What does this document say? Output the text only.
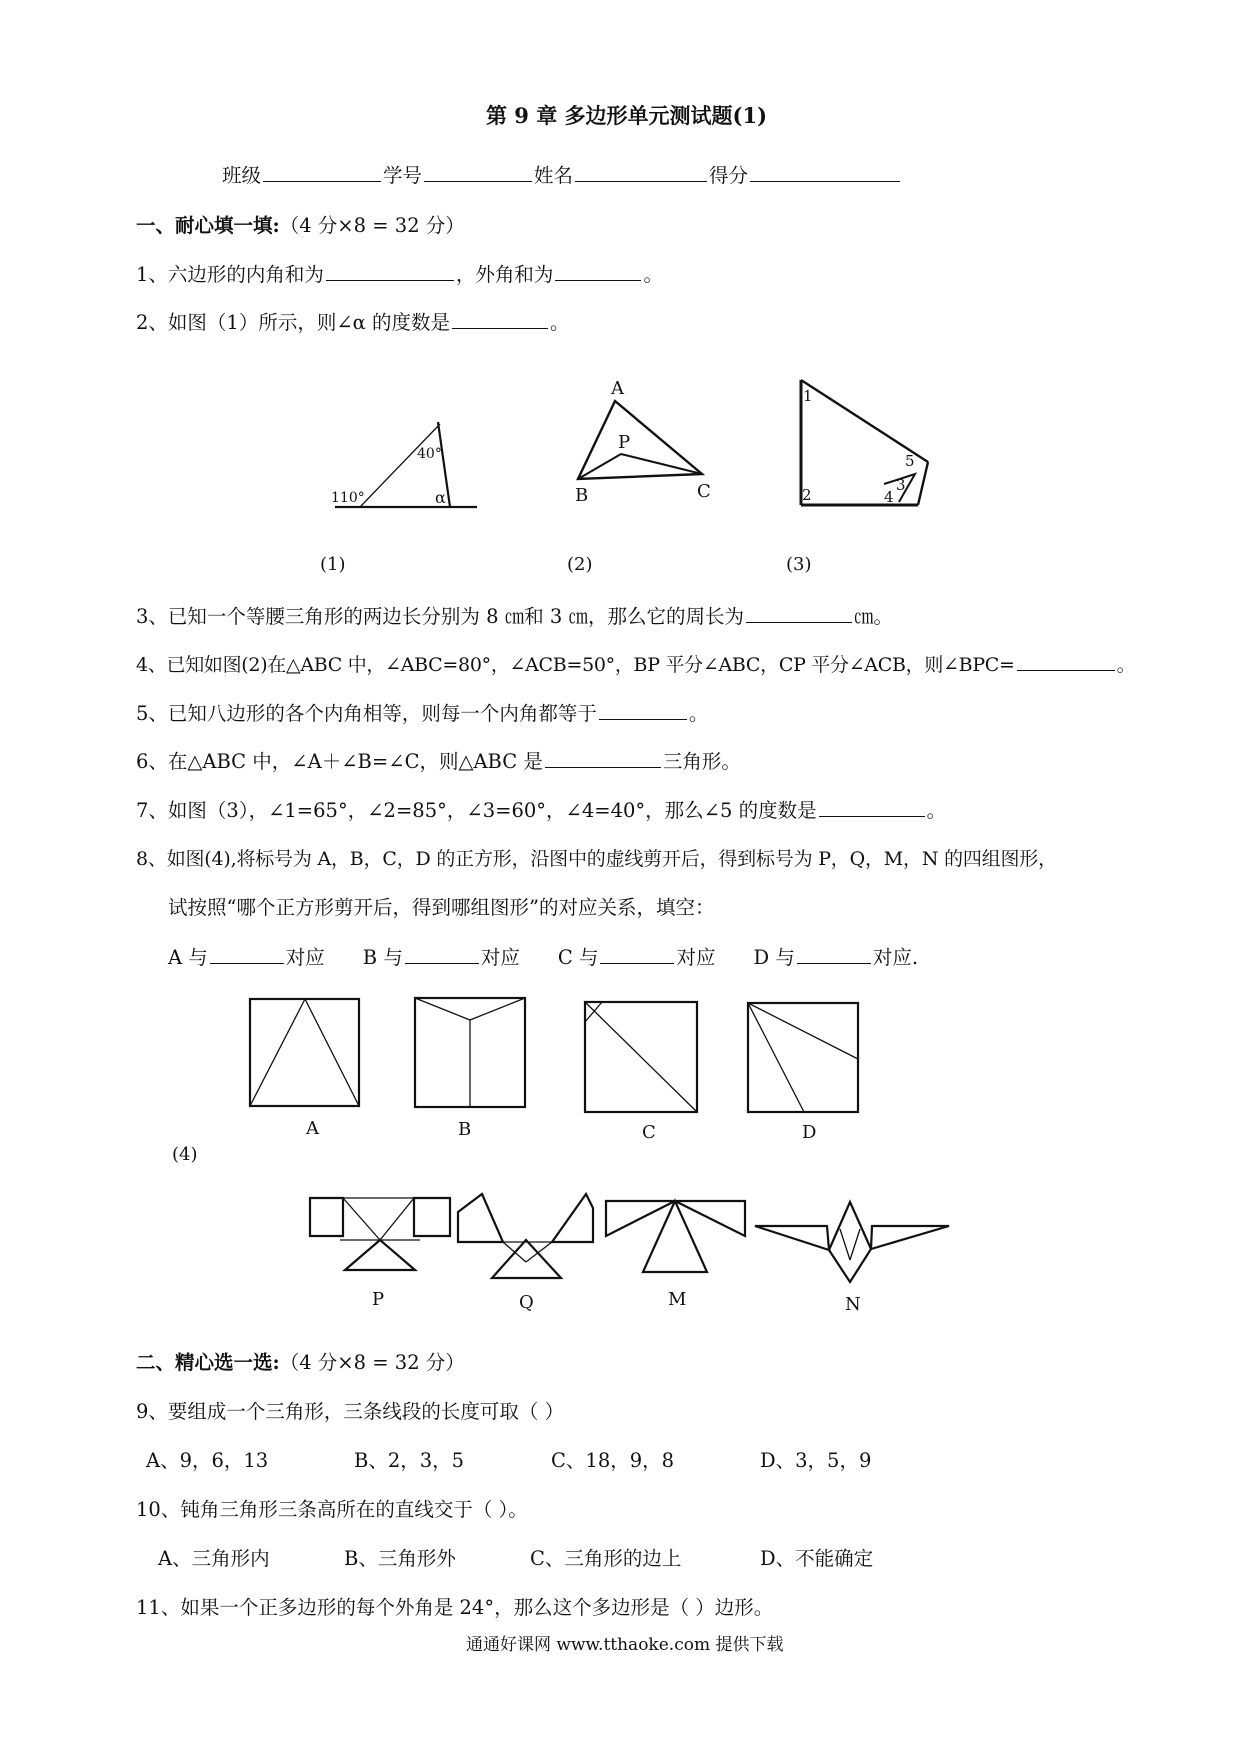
第 9 章 多边形单元测试题(1)
班级	学号	姓名	得分
一、耐心填一填:（4 分×8 = 32 分）
1、六边形的内角和为	，外角和为	。
2、如图（1）所示，则∠α 的度数是	。
110°
40°
α
(1)
A
P
B	C
(2)
1
2
3
4
5
(3)
3、已知一个等腰三角形的两边长分别为 8 ㎝和 3 ㎝，那么它的周长为	㎝。
4、已知如图(2)在△ABC 中，∠ABC=80°，∠ACB=50°，BP 平分∠ABC，CP 平分∠ACB，则∠BPC=	。
5、已知八边形的各个内角相等，则每一个内角都等于	。
6、在△ABC 中，∠A＋∠B=∠C，则△ABC 是	三角形。
7、如图（3），∠1=65°，∠2=85°，∠3=60°，∠4=40°，那么∠5 的度数是	。
8、如图(4),将标号为 A，B，C，D 的正方形，沿图中的虚线剪开后，得到标号为 P，Q，M，N 的四组图形，
试按照“哪个正方形剪开后，得到哪组图形”的对应关系，填空：
A 与	对应 B 与	对应 C 与	对应 D 与	对应.
A	B	C	D
(4)
P	Q	M	N
二、精心选一选:（4 分×8 = 32 分）
9、要组成一个三角形，三条线段的长度可取（ ）
A、9，6，13	B、2，3，5	C、18，9，8	D、3，5，9
10、钝角三角形三条高所在的直线交于（ ）。
A、三角形内	B、三角形外	C、三角形的边上	D、不能确定
11、如果一个正多边形的每个外角是 24°，那么这个多边形是（ ）边形。
通通好课网 www.tthaoke.com 提供下载
